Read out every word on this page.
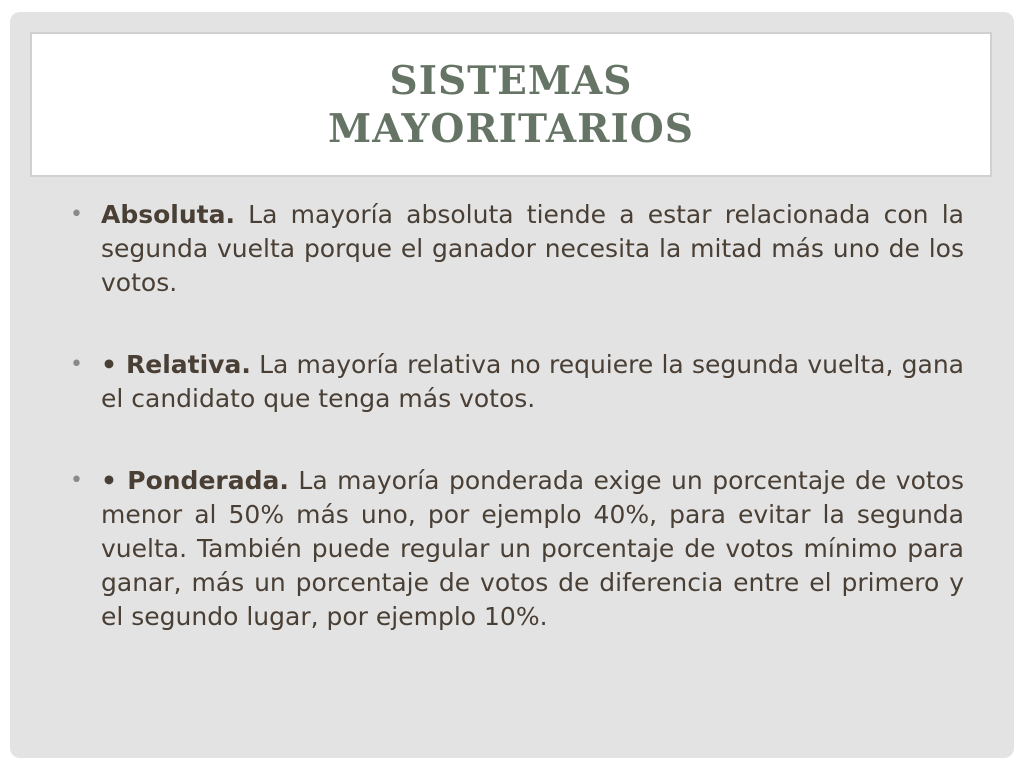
SISTEMAS
MAYORITARIOS
• Absoluta. La mayoría absoluta tiende a estar relacionada con la segunda vuelta porque el ganador necesita la mitad más uno de los votos.
• • Relativa. La mayoría relativa no requiere la segunda vuelta, gana el candidato que tenga más votos.
• • Ponderada. La mayoría ponderada exige un porcentaje de votos menor al 50% más uno, por ejemplo 40%, para evitar la segunda vuelta. También puede regular un porcentaje de votos mínimo para ganar, más un porcentaje de votos de diferencia entre el primero y el segundo lugar, por ejemplo 10%.
